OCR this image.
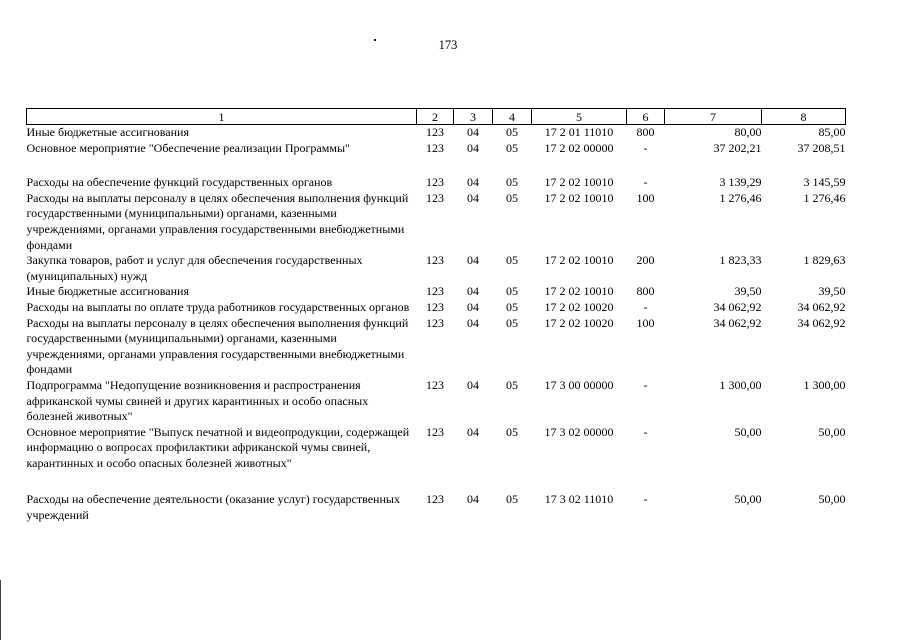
173
1	2	3	4	5	6	7	8
Иные бюджетные ассигнования	123	04	05	17 2 01 11010	800	80,00	85,00
Основное мероприятие "Обеспечение реализации Программы"	123	04	05	17 2 02 00000	-	37 202,21	37 208,51

Расходы на обеспечение функций государственных органов	123	04	05	17 2 02 10010	-	3 139,29	3 145,59
Расходы на выплаты персоналу в целях обеспечения выполнения функций государственными (муниципальными) органами, казенными учреждениями, органами управления государственными внебюджетными фондами	123	04	05	17 2 02 10010	100	1 276,46	1 276,46
Закупка товаров, работ и услуг для обеспечения государственных (муниципальных) нужд	123	04	05	17 2 02 10010	200	1 823,33	1 829,63
Иные бюджетные ассигнования	123	04	05	17 2 02 10010	800	39,50	39,50
Расходы на выплаты по оплате труда работников государственных органов	123	04	05	17 2 02 10020	-	34 062,92	34 062,92
Расходы на выплаты персоналу в целях обеспечения выполнения функций государственными (муниципальными) органами, казенными учреждениями, органами управления государственными внебюджетными фондами	123	04	05	17 2 02 10020	100	34 062,92	34 062,92
Подпрограмма "Недопущение возникновения и распространения африканской чумы свиней и других карантинных и особо опасных болезней животных"	123	04	05	17 3 00 00000	-	1 300,00	1 300,00
Основное мероприятие "Выпуск печатной и видеопродукции, содержащей информацию о вопросах профилактики африканской чумы свиней, карантинных и особо опасных болезней животных"	123	04	05	17 3 02 00000	-	50,00	50,00

Расходы на обеспечение деятельности (оказание услуг) государственных учреждений	123	04	05	17 3 02 11010	-	50,00	50,00
